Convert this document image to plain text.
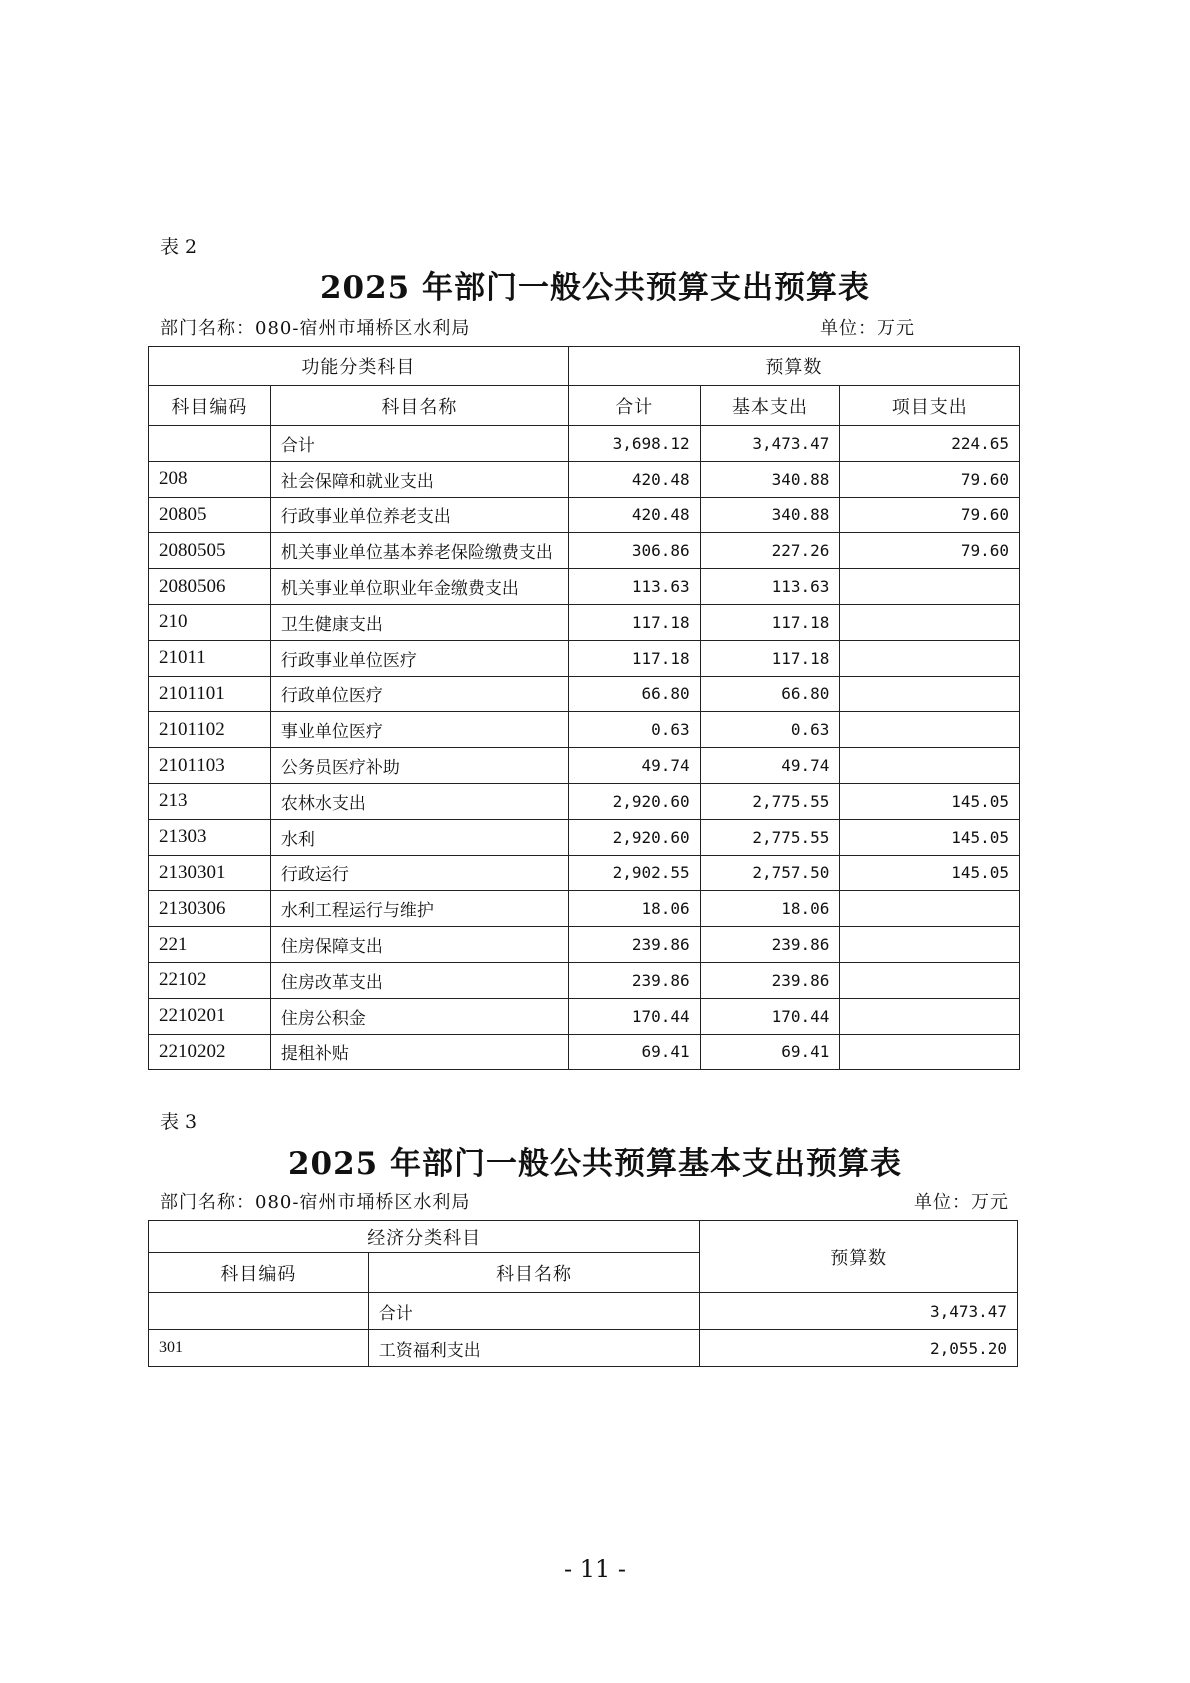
表 2
2025 年部门一般公共预算支出预算表
部门名称：080-宿州市埇桥区水利局	单位：万元
功能分类科目		预算数		
科目编码	科目名称	合计	基本支出	项目支出
	合计	3,698.12	3,473.47	224.65
208	社会保障和就业支出	420.48	340.88	79.60
20805	行政事业单位养老支出	420.48	340.88	79.60
2080505	机关事业单位基本养老保险缴费支出	306.86	227.26	79.60
2080506	机关事业单位职业年金缴费支出	113.63	113.63	
210	卫生健康支出	117.18	117.18	
21011	行政事业单位医疗	117.18	117.18	
2101101	行政单位医疗	66.80	66.80	
2101102	事业单位医疗	0.63	0.63	
2101103	公务员医疗补助	49.74	49.74	
213	农林水支出	2,920.60	2,775.55	145.05
21303	水利	2,920.60	2,775.55	145.05
2130301	行政运行	2,902.55	2,757.50	145.05
2130306	水利工程运行与维护	18.06	18.06	
221	住房保障支出	239.86	239.86	
22102	住房改革支出	239.86	239.86	
2210201	住房公积金	170.44	170.44	
2210202	提租补贴	69.41	69.41	
表 3
2025 年部门一般公共预算基本支出预算表
部门名称：080-宿州市埇桥区水利局	单位：万元
经济分类科目		预算数
科目编码	科目名称	
	合计	3,473.47
301	工资福利支出	2,055.20
- 11 -
